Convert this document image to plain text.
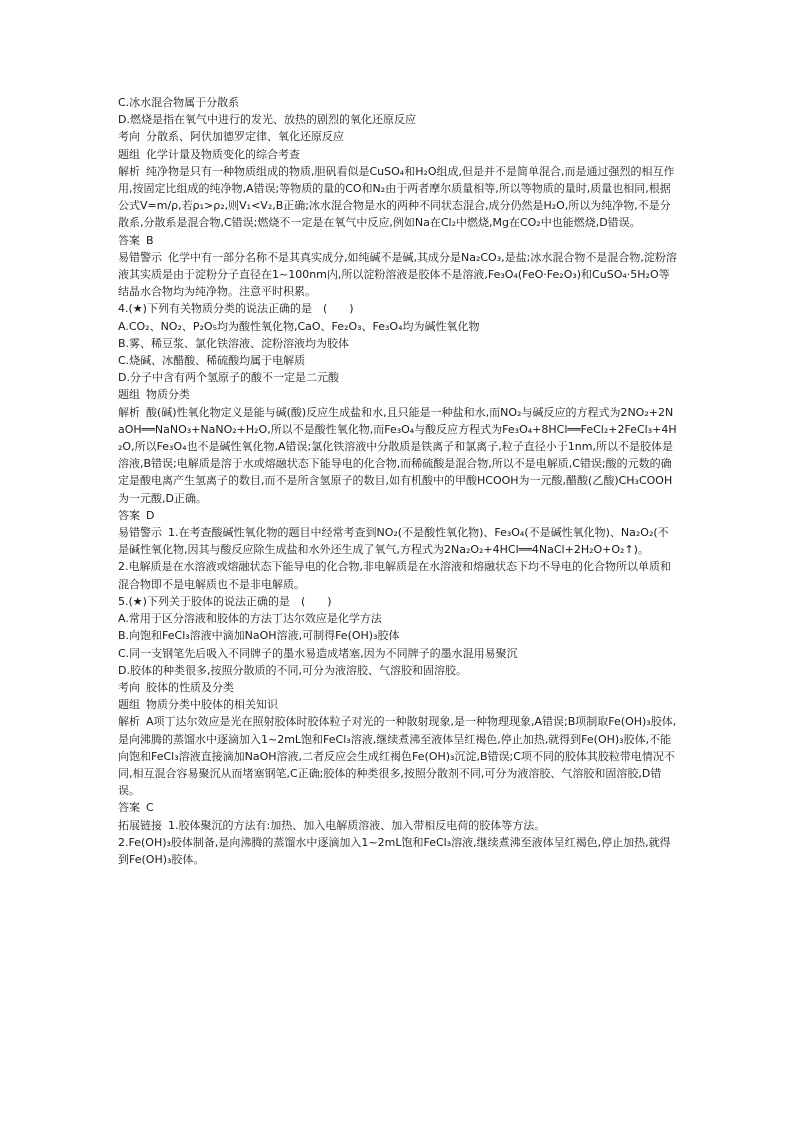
C.冰水混合物属于分散系

D.燃烧是指在氧气中进行的发光、放热的剧烈的氧化还原反应

考向 分散系、阿伏加德罗定律、氧化还原反应

题组 化学计量及物质变化的综合考查

解析 纯净物是只有一种物质组成的物质,胆矾看似是CuSO₄和H₂O组成,但是并不是简单混合,而是通过强烈的相互作用,按固定比组成的纯净物,A错误;等物质的量的CO和N₂由于两者摩尔质量相等,所以等物质的量时,质量也相同,根据公式V=m/ρ,若ρ₁>ρ₂,则V₁<V₂,B正确;冰水混合物是水的两种不同状态混合,成分仍然是H₂O,所以为纯净物,不是分散系,分散系是混合物,C错误;燃烧不一定是在氧气中反应,例如Na在Cl₂中燃烧,Mg在CO₂中也能燃烧,D错误。

答案 B

易错警示 化学中有一部分名称不是其真实成分,如纯碱不是碱,其成分是Na₂CO₃,是盐;冰水混合物不是混合物,淀粉溶液其实质是由于淀粉分子直径在1~100nm内,所以淀粉溶液是胶体不是溶液,Fe₃O₄(FeO·Fe₂O₃)和CuSO₄·5H₂O等结晶水合物均为纯净物。注意平时积累。

4.(★)下列有关物质分类的说法正确的是　(　　)

A.CO₂、NO₂、P₂O₅均为酸性氧化物,CaO、Fe₂O₃、Fe₃O₄均为碱性氧化物

B.雾、稀豆浆、氯化铁溶液、淀粉溶液均为胶体

C.烧碱、冰醋酸、稀硫酸均属于电解质

D.分子中含有两个氢原子的酸不一定是二元酸

题组 物质分类

解析 酸(碱)性氧化物定义是能与碱(酸)反应生成盐和水,且只能是一种盐和水,而NO₂与碱反应的方程式为2NO₂+2NaOH══NaNO₃+NaNO₂+H₂O,所以不是酸性氧化物,而Fe₃O₄与酸反应方程式为Fe₃O₄+8HCl══FeCl₂+2FeCl₃+4H₂O,所以Fe₃O₄也不是碱性氧化物,A错误;氯化铁溶液中分散质是铁离子和氯离子,粒子直径小于1nm,所以不是胶体是溶液,B错误;电解质是溶于水或熔融状态下能导电的化合物,而稀硫酸是混合物,所以不是电解质,C错误;酸的元数的确定是酸电离产生氢离子的数目,而不是所含氢原子的数目,如有机酸中的甲酸HCOOH为一元酸,醋酸(乙酸)CH₃COOH为一元酸,D正确。

答案 D

易错警示 1.在考查酸碱性氧化物的题目中经常考查到NO₂(不是酸性氧化物)、Fe₃O₄(不是碱性氧化物)、Na₂O₂(不是碱性氧化物,因其与酸反应除生成盐和水外还生成了氧气,方程式为2Na₂O₂+4HCl══4NaCl+2H₂O+O₂↑)。

2.电解质是在水溶液或熔融状态下能导电的化合物,非电解质是在水溶液和熔融状态下均不导电的化合物所以单质和混合物即不是电解质也不是非电解质。

5.(★)下列关于胶体的说法正确的是　(　　)

A.常用于区分溶液和胶体的方法丁达尔效应是化学方法

B.向饱和FeCl₃溶液中滴加NaOH溶液,可制得Fe(OH)₃胶体

C.同一支钢笔先后吸入不同牌子的墨水易造成堵塞,因为不同牌子的墨水混用易聚沉

D.胶体的种类很多,按照分散质的不同,可分为液溶胶、气溶胶和固溶胶。

考向 胶体的性质及分类

题组 物质分类中胶体的相关知识

解析 A项丁达尔效应是光在照射胶体时胶体粒子对光的一种散射现象,是一种物理现象,A错误;B项制取Fe(OH)₃胶体,是向沸腾的蒸馏水中逐滴加入1~2mL饱和FeCl₃溶液,继续煮沸至液体呈红褐色,停止加热,就得到Fe(OH)₃胶体,不能向饱和FeCl₃溶液直接滴加NaOH溶液,二者反应会生成红褐色Fe(OH)₃沉淀,B错误;C项不同的胶体其胶粒带电情况不同,相互混合容易聚沉从而堵塞钢笔,C正确;胶体的种类很多,按照分散剂不同,可分为液溶胶、气溶胶和固溶胶,D错误。

答案 C

拓展链接 1.胶体聚沉的方法有:加热、加入电解质溶液、加入带相反电荷的胶体等方法。

2.Fe(OH)₃胶体制备,是向沸腾的蒸馏水中逐滴加入1~2mL饱和FeCl₃溶液,继续煮沸至液体呈红褐色,停止加热,就得到Fe(OH)₃胶体。
